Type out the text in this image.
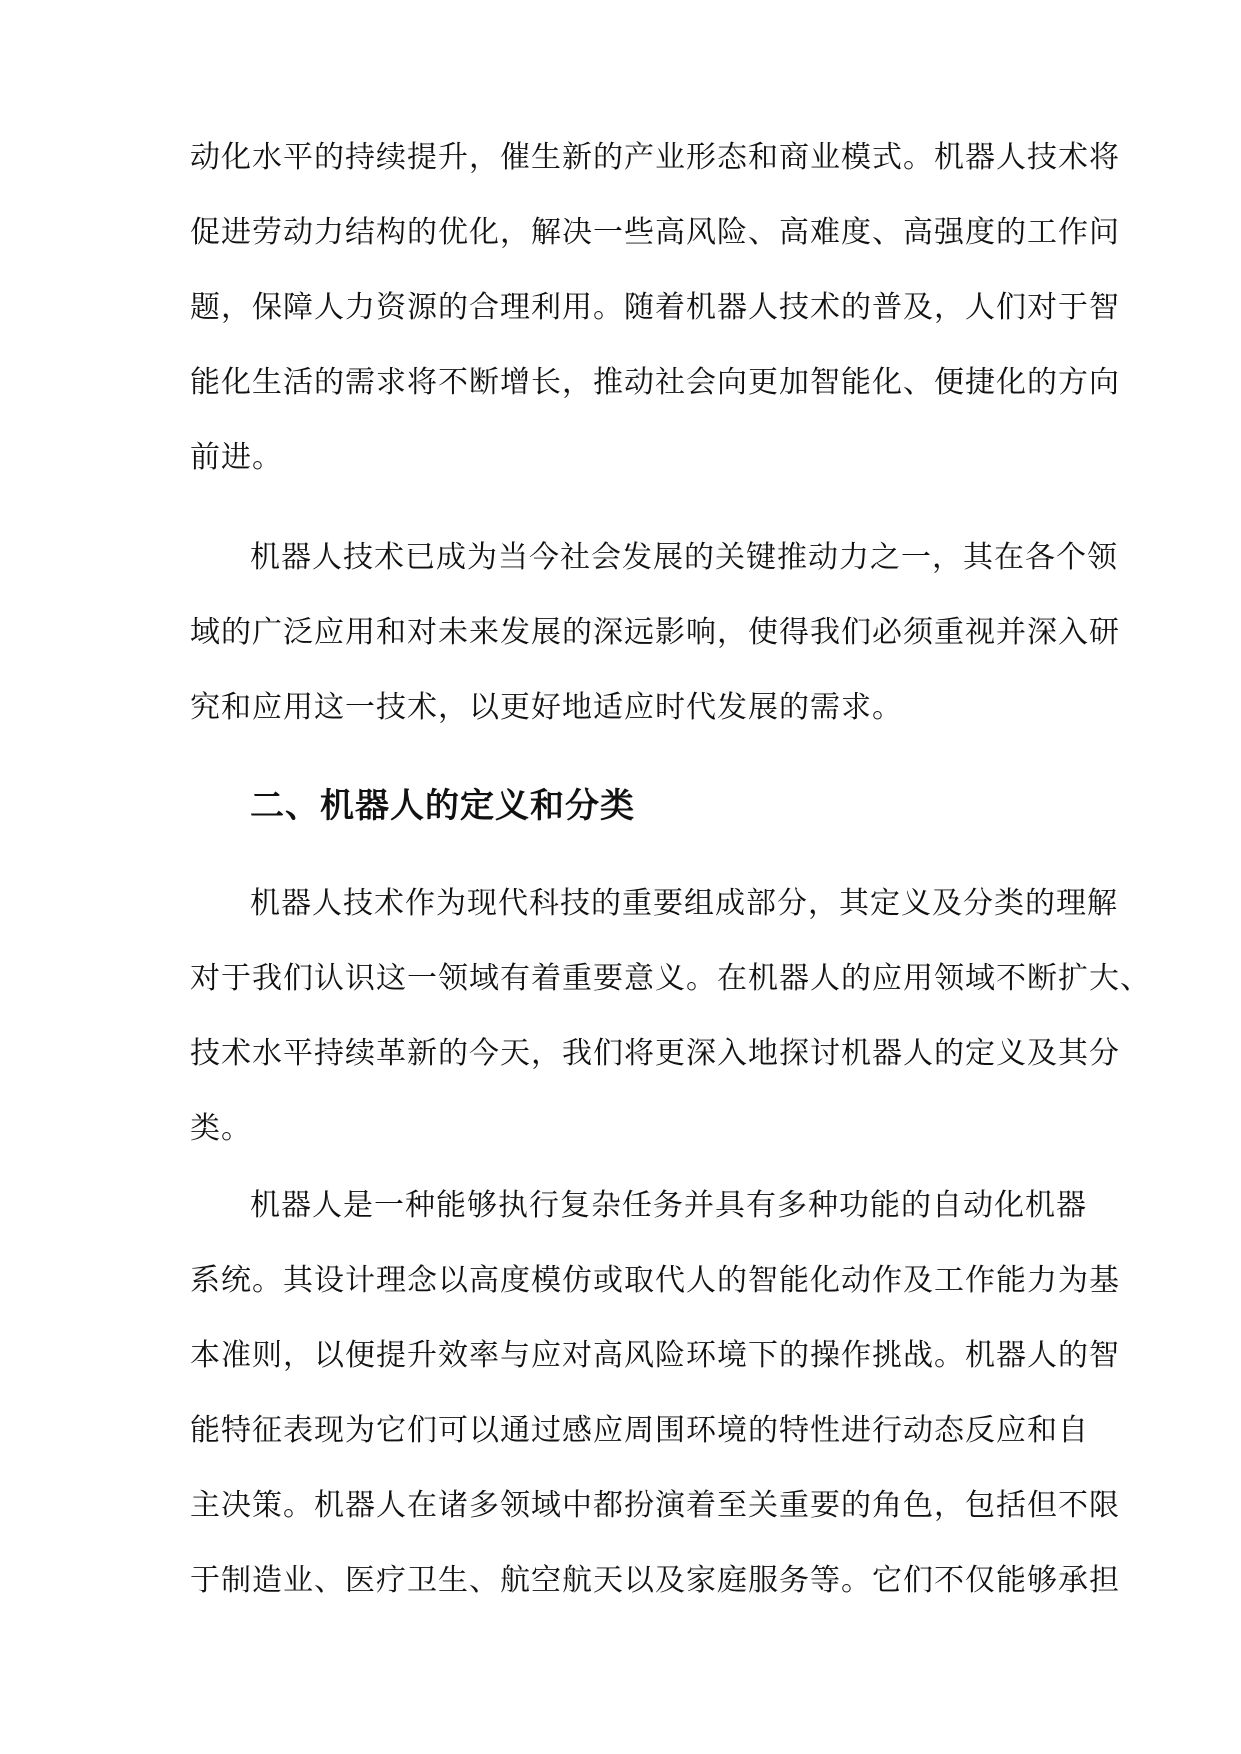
动化水平的持续提升，催生新的产业形态和商业模式。机器人技术将
促进劳动力结构的优化，解决一些高风险、高难度、高强度的工作问
题，保障人力资源的合理利用。随着机器人技术的普及，人们对于智
能化生活的需求将不断增长，推动社会向更加智能化、便捷化的方向
前进。
机器人技术已成为当今社会发展的关键推动力之一，其在各个领
域的广泛应用和对未来发展的深远影响，使得我们必须重视并深入研
究和应用这一技术，以更好地适应时代发展的需求。
二、机器人的定义和分类
机器人技术作为现代科技的重要组成部分，其定义及分类的理解
对于我们认识这一领域有着重要意义。在机器人的应用领域不断扩大、
技术水平持续革新的今天，我们将更深入地探讨机器人的定义及其分
类。
机器人是一种能够执行复杂任务并具有多种功能的自动化机器
系统。其设计理念以高度模仿或取代人的智能化动作及工作能力为基
本准则，以便提升效率与应对高风险环境下的操作挑战。机器人的智
能特征表现为它们可以通过感应周围环境的特性进行动态反应和自
主决策。机器人在诸多领域中都扮演着至关重要的角色，包括但不限
于制造业、医疗卫生、航空航天以及家庭服务等。它们不仅能够承担
